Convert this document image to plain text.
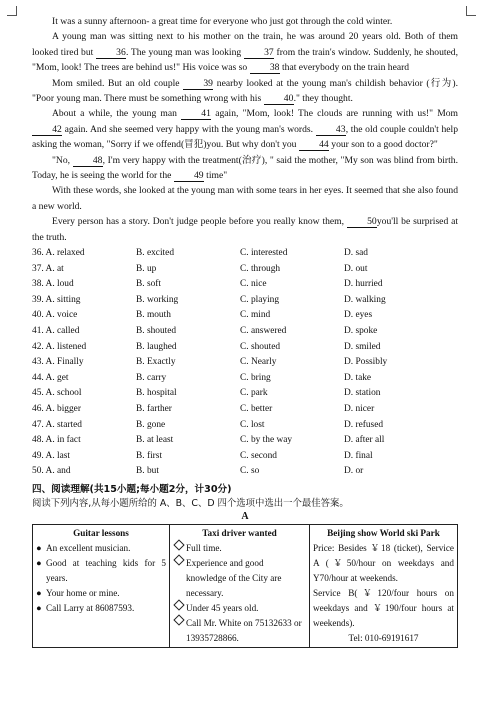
It was a sunny afternoon- a great time for everyone who just got through the cold winter.

A young man was sitting next to his mother on the train, he was around 20 years old. Both of them looked tired but 36. The young man was looking 37 from the train's window. Suddenly, he shouted, "Mom, look! The trees are behind us!" His voice was so 38 that everybody on the train heard

Mom smiled. But an old couple 39 nearby looked at the young man's childish behavior (行为). "Poor young man. There must be something wrong with his 40." they thought.

About a while, the young man 41 again, "Mom, look! The clouds are running with us!" Mom 42 again. And she seemed very happy with the young man's words. 43, the old couple couldn't help asking the woman, "Sorry if we offend(冒犯)you. But why don't you 44 your son to a good doctor?"

"No, 48, I'm very happy with the treatment(治疗), " said the mother, "My son was blind from birth. Today, he is seeing the world for the 49 time"

With these words, she looked at the young man with some tears in her eyes. It seemed that she also found a new world.

Every person has a story. Don't judge people before you really know them, 50you'll be surprised at the truth.

36. A. relaxed	B. excited	C. interested	D. sad
37. A. at	B. up	C. through	D. out
38. A. loud	B. soft	C. nice	D. hurried
39. A. sitting	B. working	C. playing	D. walking
40. A. voice	B. mouth	C. mind	D. eyes
41. A. called	B. shouted	C. answered	D. spoke
42. A. listened	B. laughed	C. shouted	D. smiled
43. A. Finally	B. Exactly	C. Nearly	D. Possibly
44. A. get	B. carry	C. bring	D. take
45. A. school	B. hospital	C. park	D. station
46. A. bigger	B. farther	C. better	D. nicer
47. A. started	B. gone	C. lost	D. refused
48. A. in fact	B. at least	C. by the way	D. after all
49. A. last	B. first	C. second	D. final
50. A. and	B. but	C. so	D. or
四、阅读理解(共15小题;每小题2分，计30分)
阅读下列内容,从每小题所给的 A、B、C、D 四个选项中选出一个最佳答案。
A
Guitar lessons
● An excellent musician.
● Good at teaching kids for 5 years.
● Your home or mine.
● Call Larry at 86087593.

Taxi driver wanted
Full time.
Experience and good knowledge of the City are necessary.
Under 45 years old.
Call Mr. White on 75132633 or 13935728866.

Beijing show World ski Park
Price: Besides ￥18 (ticket), Service A (￥50/hour on weekdays and Y70/hour at weekends.
Service B(￥120/four hours on weekdays and ￥190/four hours at weekends).
Tel: 010-69191617
